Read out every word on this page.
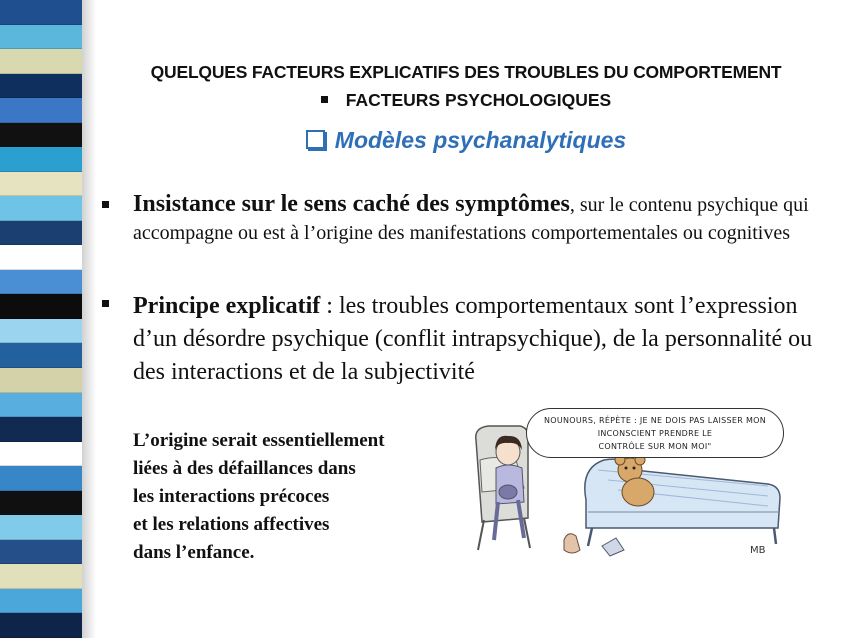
QUELQUES FACTEURS EXPLICATIFS DES TROUBLES DU COMPORTEMENT
FACTEURS PSYCHOLOGIQUES
Modèles psychanalytiques
Insistance sur le sens caché des symptômes, sur le contenu psychique qui accompagne ou est à l’origine des manifestations comportementales ou cognitives
Principe explicatif : les troubles comportementaux sont l’expression d’un désordre psychique (conflit intrapsychique), de la personnalité ou des interactions et de la subjectivité
L’origine serait essentiellement
liées à des défaillances dans
les interactions précoces
et les relations affectives
dans l’enfance.
NOUNOURS, RÉPÈTE : JE NE DOIS PAS LAISSER MON
INCONSCIENT PRENDRE LE
CONTRÔLE SUR MON MOI"
MB
